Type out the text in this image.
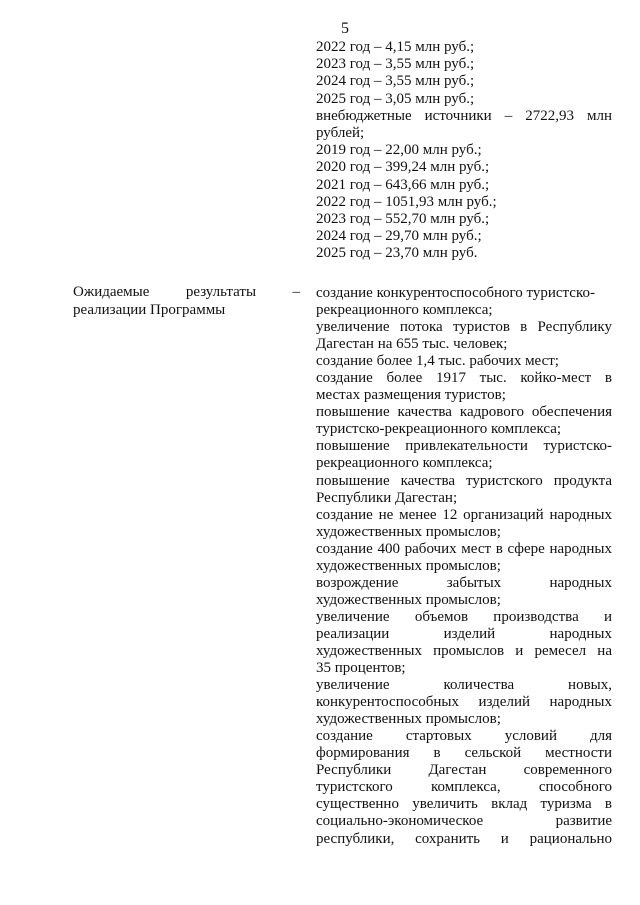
5
2022 год – 4,15 млн руб.;
2023 год – 3,55 млн руб.;
2024 год – 3,55 млн руб.;
2025 год – 3,05 млн руб.;
внебюджетные источники – 2722,93 млн
рублей;
2019 год – 22,00 млн руб.;
2020 год – 399,24 млн руб.;
2021 год – 643,66 млн руб.;
2022 год – 1051,93 млн руб.;
2023 год – 552,70 млн руб.;
2024 год – 29,70 млн руб.;
2025 год – 23,70 млн руб.
Ожидаемые результаты –
реализации Программы
создание конкурентоспособного туристско-
рекреационного комплекса;
увеличение потока туристов в Республику
Дагестан на 655 тыс. человек;
создание более 1,4 тыс. рабочих мест;
создание более 1917 тыс. койко-мест в
местах размещения туристов;
повышение качества кадрового обеспечения
туристско-рекреационного комплекса;
повышение привлекательности туристско-
рекреационного комплекса;
повышение качества туристского продукта
Республики Дагестан;
создание не менее 12 организаций народных
художественных промыслов;
создание 400 рабочих мест в сфере народных
художественных промыслов;
возрождение забытых народных
художественных промыслов;
увеличение объемов производства и
реализации изделий народных
художественных промыслов и ремесел на
35 процентов;
увеличение количества новых,
конкурентоспособных изделий народных
художественных промыслов;
создание стартовых условий для
формирования в сельской местности
Республики Дагестан современного
туристского комплекса, способного
существенно увеличить вклад туризма в
социально-экономическое развитие
республики, сохранить и рационально
